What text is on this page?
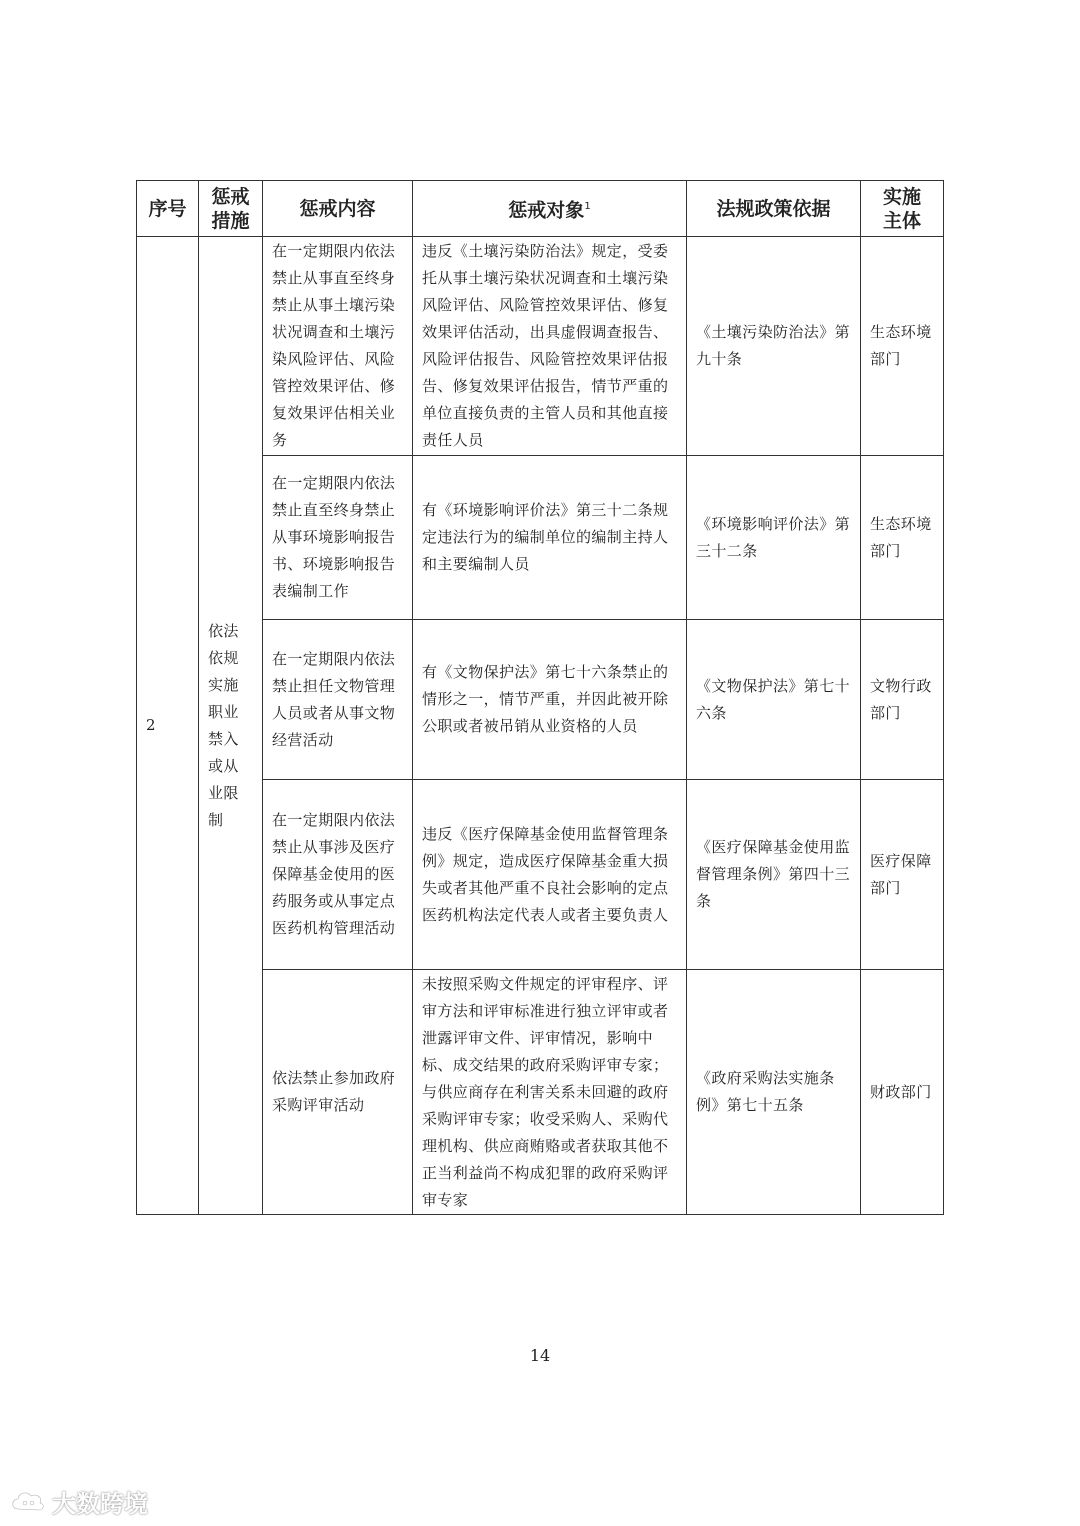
序号	惩戒措施	惩戒内容	惩戒对象$^1$	法规政策依据	实施主体

2	依法依规实施职业禁入或从业限制	在一定期限内依法禁止从事直至终身禁止从事土壤污染状况调查和土壤污染风险评估、风险管控效果评估、修复效果评估相关业务	违反《土壤污染防治法》规定，受委托从事土壤污染状况调查和土壤污染风险评估、风险管控效果评估、修复效果评估活动，出具虚假调查报告、风险评估报告、风险管控效果评估报告、修复效果评估报告，情节严重的单位直接负责的主管人员和其他直接责任人员	《土壤污染防治法》第九十条	生态环境部门
		在一定期限内依法禁止直至终身禁止从事环境影响报告书、环境影响报告表编制工作	有《环境影响评价法》第三十二条规定违法行为的编制单位的编制主持人和主要编制人员	《环境影响评价法》第三十二条	生态环境部门
		在一定期限内依法禁止担任文物管理人员或者从事文物经营活动	有《文物保护法》第七十六条禁止的情形之一，情节严重，并因此被开除公职或者被吊销从业资格的人员	《文物保护法》第七十六条	文物行政部门
		在一定期限内依法禁止从事涉及医疗保障基金使用的医药服务或从事定点医药机构管理活动	违反《医疗保障基金使用监督管理条例》规定，造成医疗保障基金重大损失或者其他严重不良社会影响的定点医药机构法定代表人或者主要负责人	《医疗保障基金使用监督管理条例》第四十三条	医疗保障部门
		依法禁止参加政府采购评审活动	未按照采购文件规定的评审程序、评审方法和评审标准进行独立评审或者泄露评审文件、评审情况，影响中标、成交结果的政府采购评审专家；与供应商存在利害关系未回避的政府采购评审专家；收受采购人、采购代理机构、供应商贿赂或者获取其他不正当利益尚不构成犯罪的政府采购评审专家	《政府采购法实施条例》第七十五条	财政部门
14
大数跨境
